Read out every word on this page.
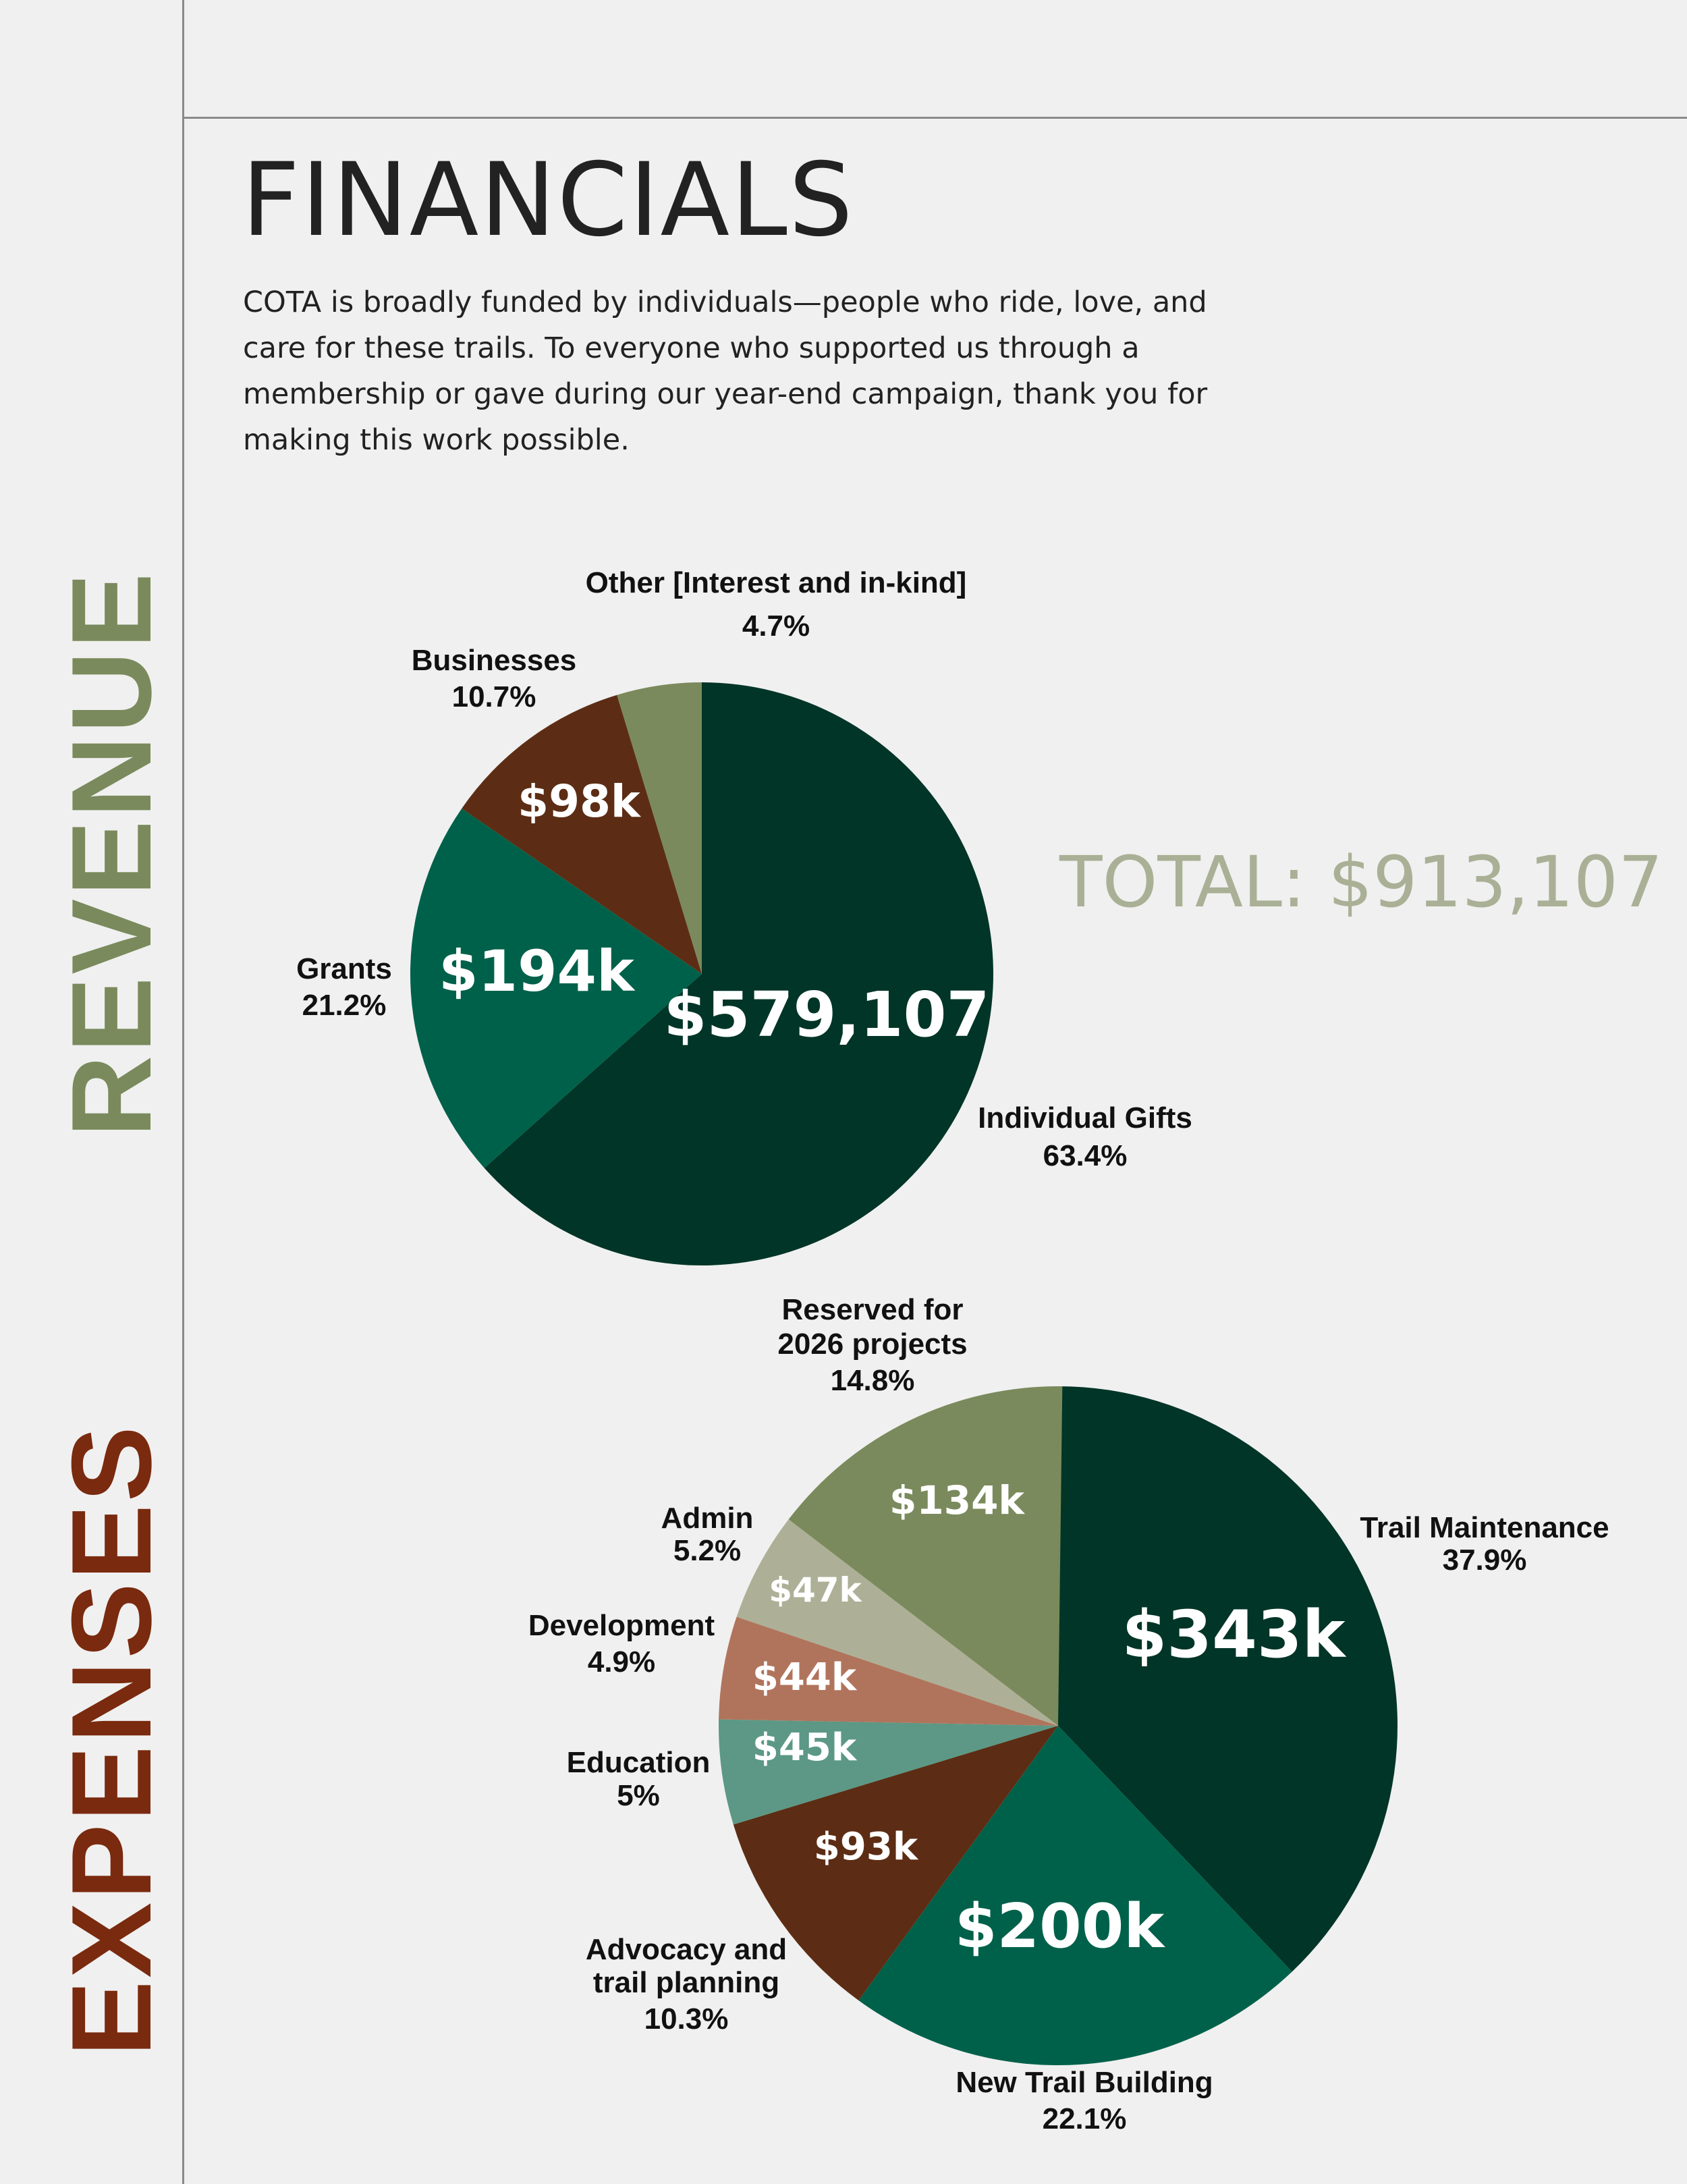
FINANCIALS

COTA is broadly funded by individuals—people who ride, love, and care for these trails. To everyone who supported us through a membership or gave during our year-end campaign, thank you for making this work possible.

REVENUE
EXPENSES
TOTAL: $913,107
$579,107
Individual Gifts
63.4%
$194k
Grants
21.2%
$98k
Businesses
10.7%
Other [Interest and in-kind]
4.7%
$343k
Trail Maintenance
37.9%
$200k
New Trail Building
22.1%
$93k
Advocacy and
trail planning
10.3%
$45k
Education
5%
$44k
Development
4.9%
$47k
Admin
5.2%
$134k
Reserved for
2026 projects
14.8%
